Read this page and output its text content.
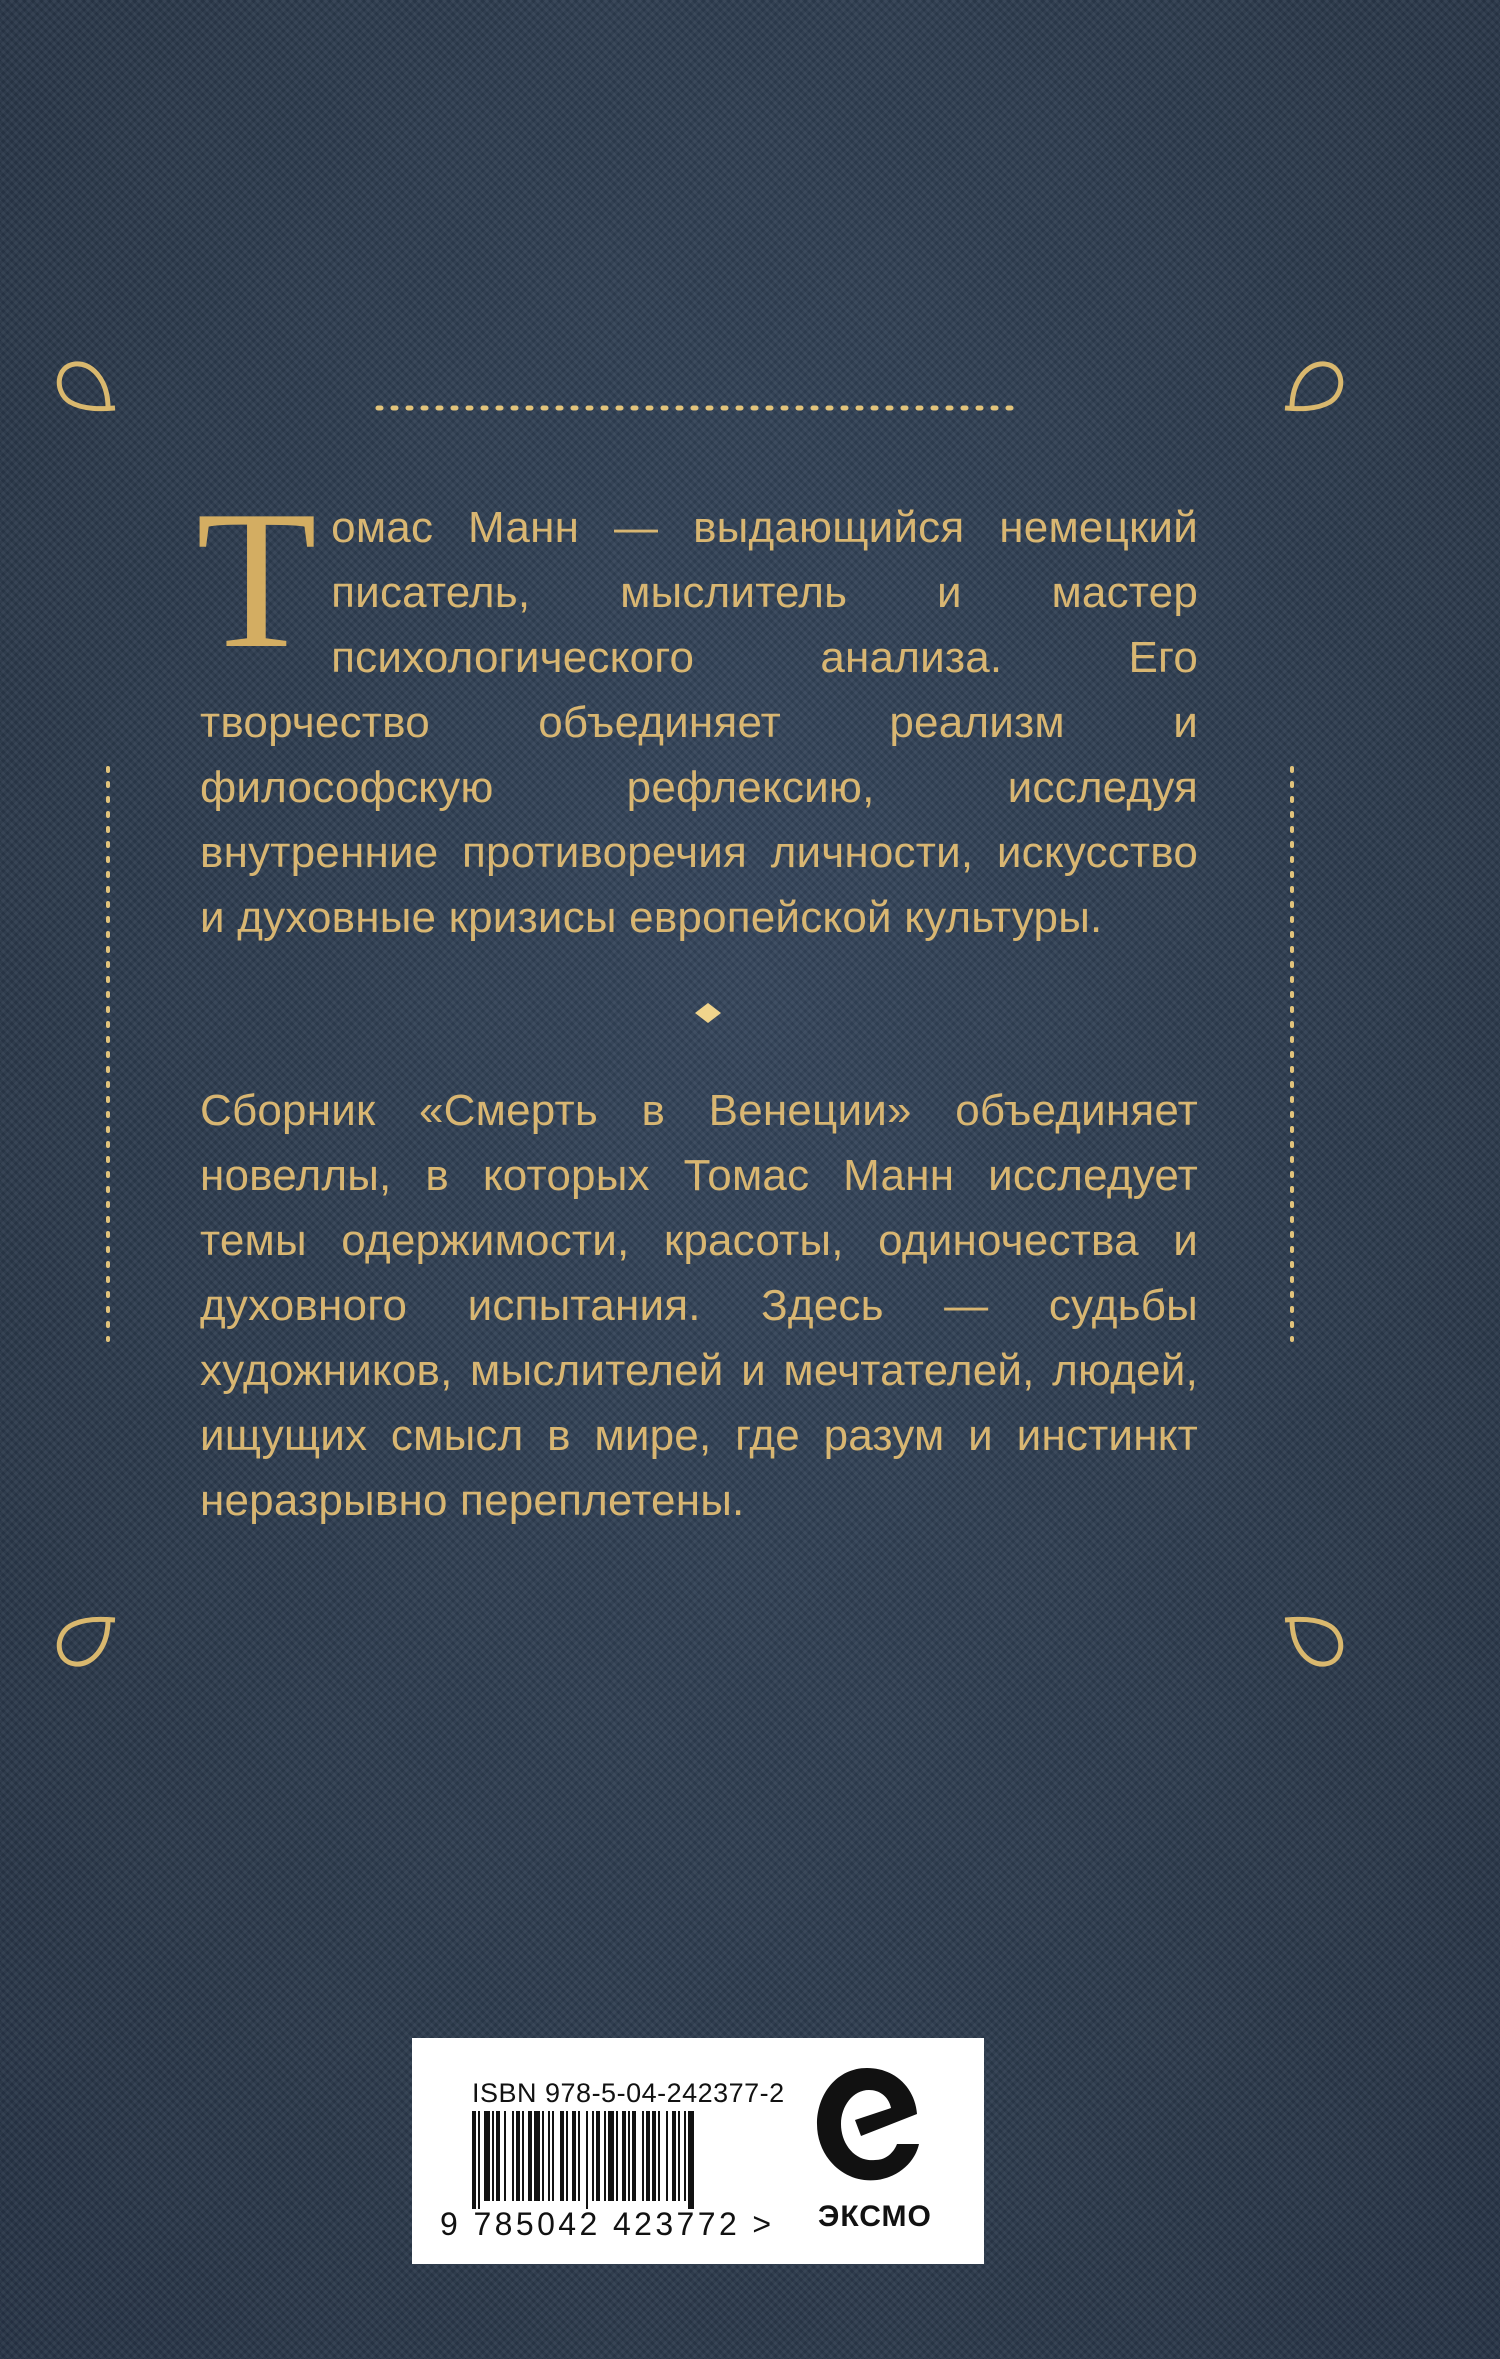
Томас Манн — выдающийся немецкий писатель, мыслитель и мастер психологического анализа. Его творчество объединяет реализм и философскую рефлексию, исследуя внутренние противоречия личности, искусство и духовные кризисы европейской культуры.

Сборник «Смерть в Венеции» объединяет новеллы, в которых Томас Манн исследует темы одержимости, красоты, одиночества и духовного испытания. Здесь — судьбы художников, мыслителей и мечтателей, людей, ищущих смысл в мире, где разум и инстинкт неразрывно переплетены.

ISBN 978-5-04-242377-2
9 785042 423772 > ЭКСМО
